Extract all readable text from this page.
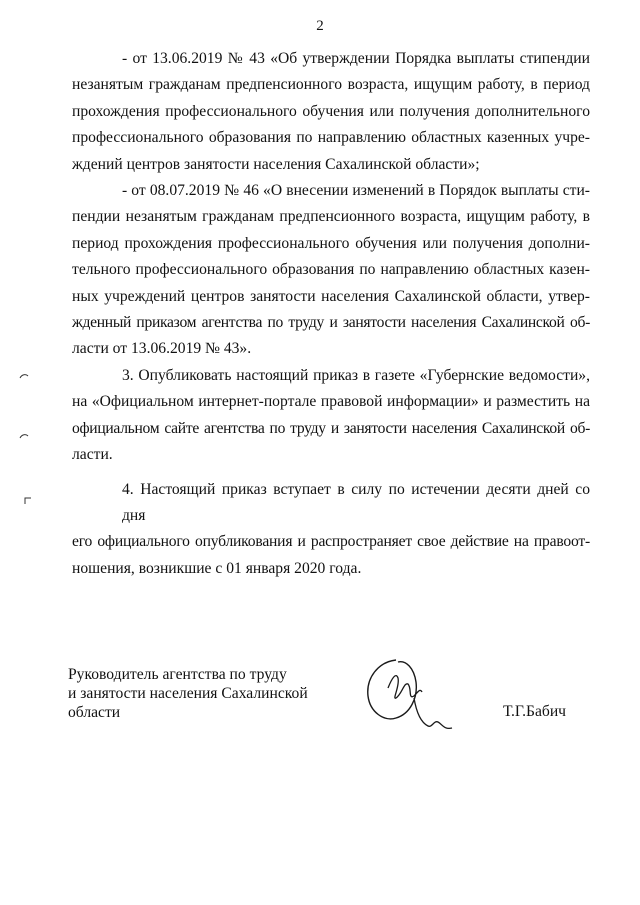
2

- от 13.06.2019 № 43 «Об утверждении Порядка выплаты стипендии
незанятым гражданам предпенсионного возраста, ищущим работу, в период
прохождения профессионального обучения или получения дополнительного
профессионального образования по направлению областных казенных учре-
ждений центров занятости населения Сахалинской области»;

- от 08.07.2019 № 46 «О внесении изменений в Порядок выплаты сти-
пендии незанятым гражданам предпенсионного возраста, ищущим работу, в
период прохождения профессионального обучения или получения дополни-
тельного профессионального образования по направлению областных казен-
ных учреждений центров занятости населения Сахалинской области, утвер-
жденный приказом агентства по труду и занятости населения Сахалинской об-
ласти от 13.06.2019 № 43».

3. Опубликовать настоящий приказ в газете «Губернские ведомости»,
на «Официальном интернет-портале правовой информации» и разместить на
официальном сайте агентства по труду и занятости населения Сахалинской об-
ласти.

4. Настоящий приказ вступает в силу по истечении десяти дней со дня
его официального опубликования и распространяет свое действие на правоот-
ношения, возникшие с 01 января 2020 года.

Руководитель агентства по труду
и занятости населения Сахалинской
области	Т.Г.Бабич
